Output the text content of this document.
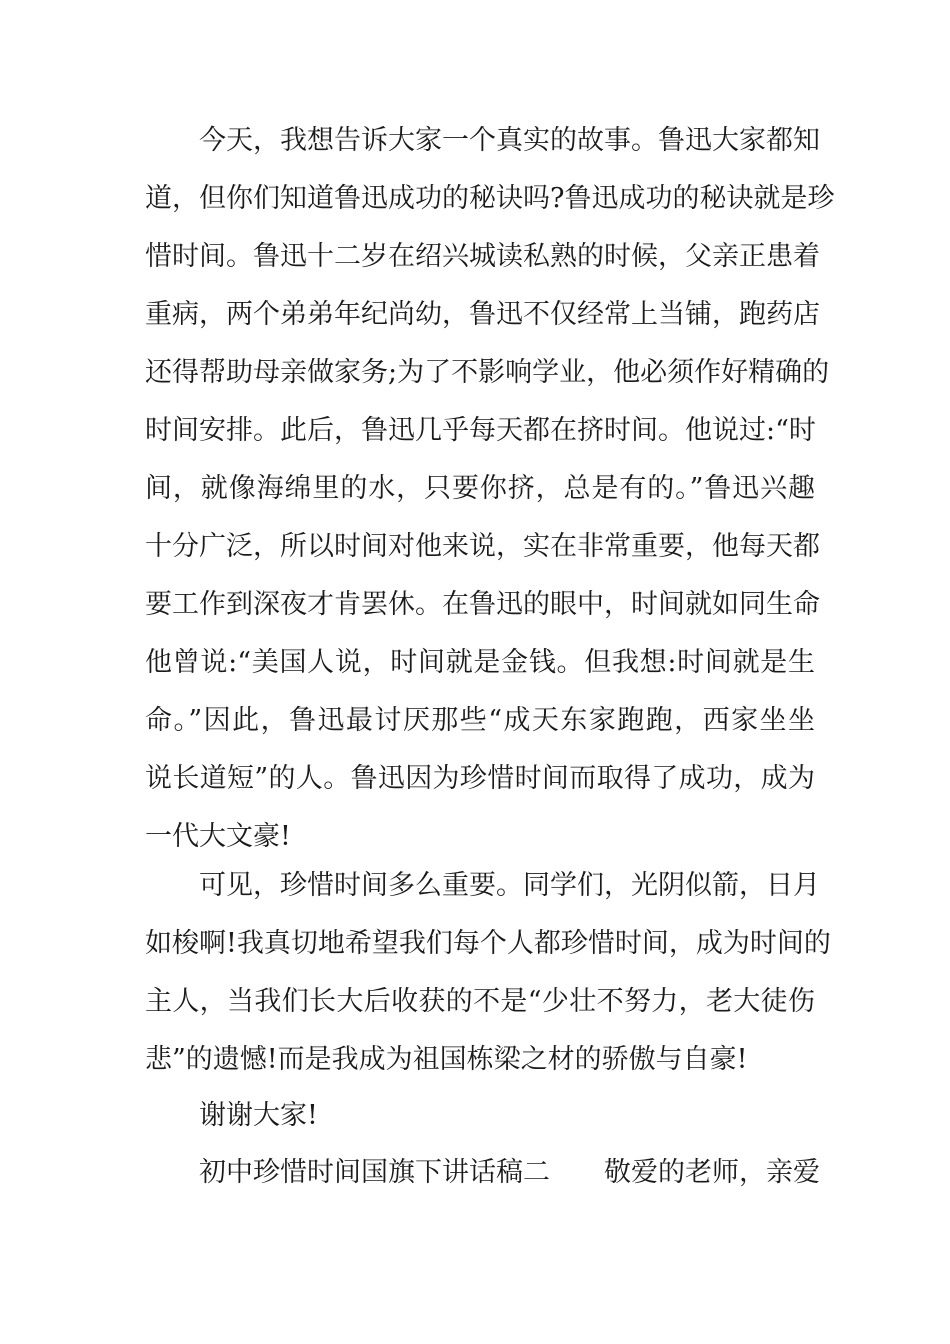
今天，我想告诉大家一个真实的故事。鲁迅大家都知
道，但你们知道鲁迅成功的秘诀吗?鲁迅成功的秘诀就是珍
惜时间。鲁迅十二岁在绍兴城读私熟的时候，父亲正患着
重病，两个弟弟年纪尚幼，鲁迅不仅经常上当铺，跑药店
还得帮助母亲做家务;为了不影响学业，他必须作好精确的
时间安排。此后，鲁迅几乎每天都在挤时间。他说过:“时
间，就像海绵里的水，只要你挤，总是有的。”鲁迅兴趣
十分广泛，所以时间对他来说，实在非常重要，他每天都
要工作到深夜才肯罢休。在鲁迅的眼中，时间就如同生命
他曾说:“美国人说，时间就是金钱。但我想:时间就是生
命。”因此，鲁迅最讨厌那些“成天东家跑跑，西家坐坐
说长道短”的人。鲁迅因为珍惜时间而取得了成功，成为
一代大文豪!
可见，珍惜时间多么重要。同学们，光阴似箭，日月
如梭啊!我真切地希望我们每个人都珍惜时间，成为时间的
主人，当我们长大后收获的不是“少壮不努力，老大徒伤
悲”的遗憾!而是我成为祖国栋梁之材的骄傲与自豪!
谢谢大家!
初中珍惜时间国旗下讲话稿二　　敬爱的老师，亲爱
